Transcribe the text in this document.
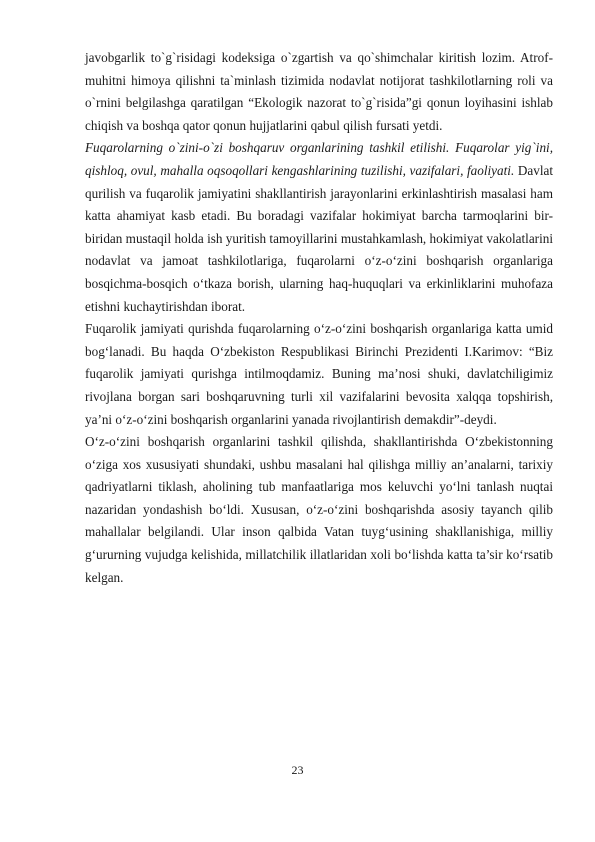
javobgarlik to`g`risidagi kodeksiga o`zgartish va qo`shimchalar kiritish lozim. Atrof-muhitni himoya qilishni ta`minlash tizimida nodavlat notijorat tashkilotlarning roli va o`rnini belgilashga qaratilgan “Ekologik nazorat to`g`risida”gi qonun loyihasini ishlab chiqish va boshqa qator qonun hujjatlarini qabul qilish fursati yetdi.

Fuqarolarning o`zini-o`zi boshqaruv organlarining tashkil etilishi. Fuqarolar yig`ini, qishloq, ovul, mahalla oqsoqollari kengashlarining tuzilishi, vazifalari, faoliyati. Davlat qurilish va fuqarolik jamiyatini shakllantirish jarayonlarini erkinlashtirish masalasi ham katta ahamiyat kasb etadi. Bu boradagi vazifalar hokimiyat barcha tarmoqlarini bir-biridan mustaqil holda ish yuritish tamoyillarini mustahkamlash, hokimiyat vakolatlarini nodavlat va jamoat tashkilotlariga, fuqarolarni o‘z-o‘zini boshqarish organlariga bosqichma-bosqich o‘tkaza borish, ularning haq-huquqlari va erkinliklarini muhofaza etishni kuchaytirishdan iborat.

Fuqarolik jamiyati qurishda fuqarolarning o‘z-o‘zini boshqarish organlariga katta umid bog‘lanadi. Bu haqda O‘zbekiston Respublikasi Birinchi Prezidenti I.Karimov: “Biz fuqarolik jamiyati qurishga intilmoqdamiz. Buning ma’nosi shuki, davlatchiligimiz rivojlana borgan sari boshqaruvning turli xil vazifalarini bevosita xalqqa topshirish, ya’ni o‘z-o‘zini boshqarish organlarini yanada rivojlantirish demakdir”-deydi.

O‘z-o‘zini boshqarish organlarini tashkil qilishda, shakllantirishda O‘zbekistonning o‘ziga xos xususiyati shundaki, ushbu masalani hal qilishga milliy an’analarni, tarixiy qadriyatlarni tiklash, aholining tub manfaatlariga mos keluvchi yo‘lni tanlash nuqtai nazaridan yondashish bo‘ldi. Xususan, o‘z-o‘zini boshqarishda asosiy tayanch qilib mahallalar belgilandi. Ular inson qalbida Vatan tuyg‘usining shakllanishiga, milliy g‘ururning vujudga kelishida, millatchilik illatlaridan xoli bo‘lishda katta ta’sir ko‘rsatib kelgan.

23
